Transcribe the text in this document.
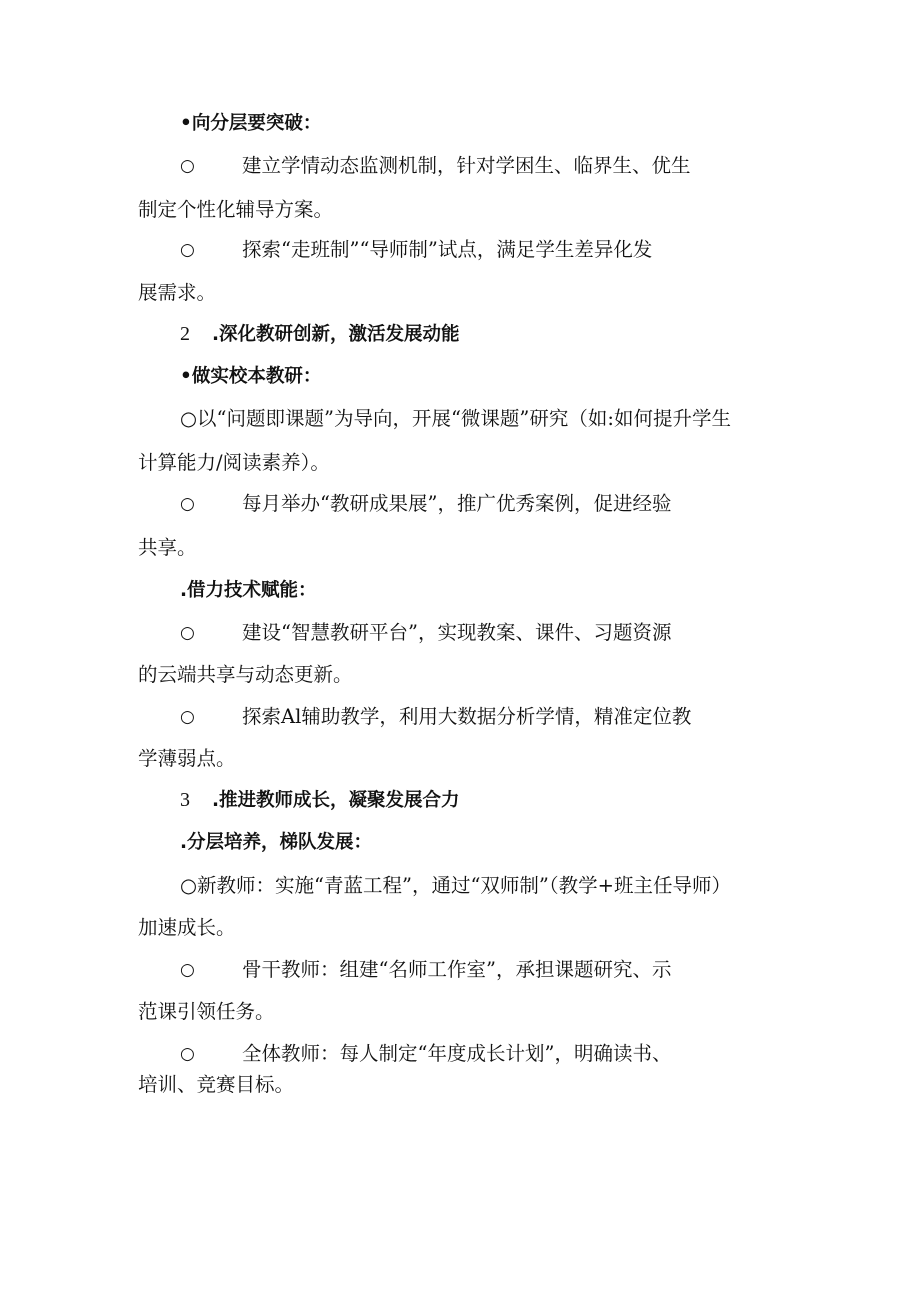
•向分层要突破：
○ 建立学情动态监测机制，针对学困生、临界生、优生
制定个性化辅导方案。
○ 探索“走班制”“导师制”试点，满足学生差异化发
展需求。
2 .深化教研创新，激活发展动能
•做实校本教研：
○以“问题即课题”为导向，开展“微课题”研究（如:如何提升学生
计算能力/阅读素养）。
○ 每月举办“教研成果展”，推广优秀案例，促进经验
共享。
.借力技术赋能：
○ 建设“智慧教研平台”，实现教案、课件、习题资源
的云端共享与动态更新。
○ 探索Al辅助教学，利用大数据分析学情，精准定位教
学薄弱点。
3 .推进教师成长，凝聚发展合力
.分层培养，梯队发展：
○新教师：实施“青蓝工程”，通过“双师制”（教学+班主任导师）
加速成长。
○ 骨干教师：组建“名师工作室”，承担课题研究、示
范课引领任务。
○ 全体教师：每人制定“年度成长计划”，明确读书、
培训、竞赛目标。
